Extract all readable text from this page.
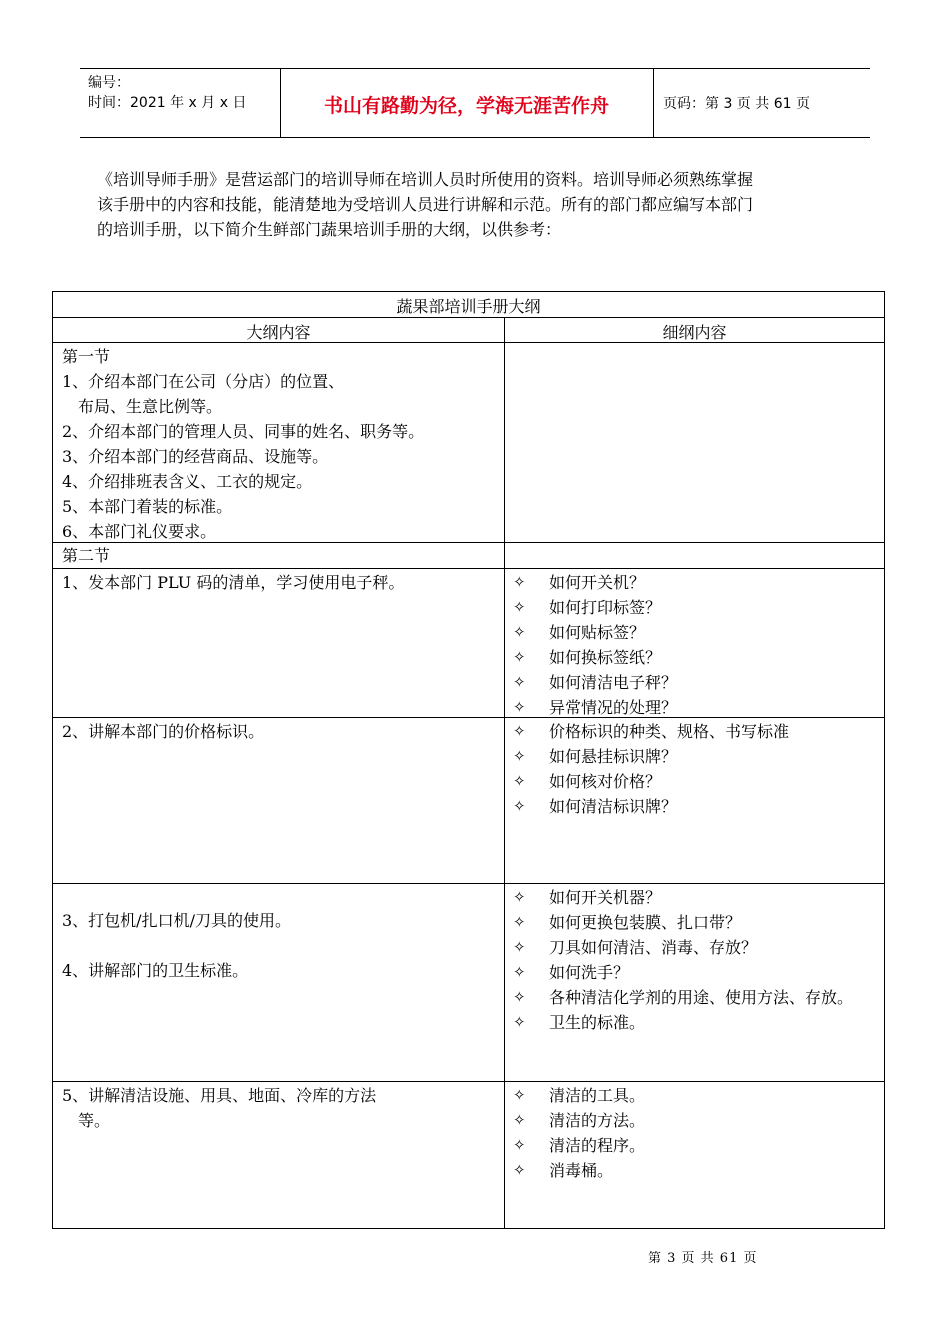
编号：
时间：2021 年 x 月 x 日	书山有路勤为径，学海无涯苦作舟	页码：第 3 页 共 61 页

《培训导师手册》是营运部门的培训导师在培训人员时所使用的资料。培训导师必须熟练掌握

该手册中的内容和技能，能清楚地为受培训人员进行讲解和示范。所有的部门都应编写本部门

的培训手册，以下简介生鲜部门蔬果培训手册的大纲，以供参考：

蔬果部培训手册大纲
大纲内容	细纲内容
第一节
1、介绍本部门在公司（分店）的位置、
布局、生意比例等。
2、介绍本部门的管理人员、同事的姓名、职务等。
3、介绍本部门的经营商品、设施等。
4、介绍排班表含义、工衣的规定。
5、本部门着装的标准。
6、本部门礼仪要求。
第二节
1、发本部门 PLU 码的清单，学习使用电子秤。	✧	如何开关机？
✧	如何打印标签？
✧	如何贴标签？
✧	如何换标签纸？
✧	如何清洁电子秤？
✧	异常情况的处理？
2、讲解本部门的价格标识。	✧	价格标识的种类、规格、书写标准
✧	如何悬挂标识牌？
✧	如何核对价格？
✧	如何清洁标识牌？
3、打包机/扎口机/刀具的使用。
4、讲解部门的卫生标准。
✧	如何开关机器？
✧	如何更换包装膜、扎口带？
✧	刀具如何清洁、消毒、存放？
✧	如何洗手？
✧	各种清洁化学剂的用途、使用方法、存放。
✧	卫生的标准。
5、讲解清洁设施、用具、地面、冷库的方法
等。
✧	清洁的工具。
✧	清洁的方法。
✧	清洁的程序。
✧	消毒桶。
第 3 页 共 61 页
